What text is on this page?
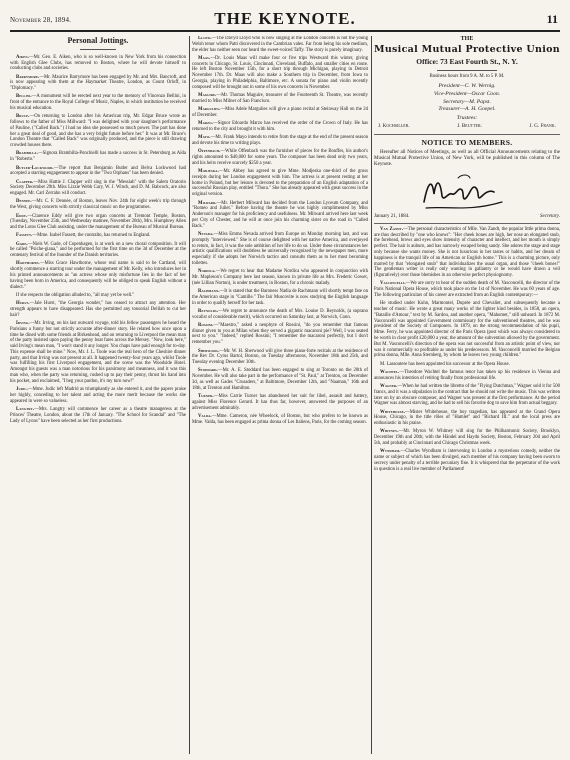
November 28, 1894.	THE KEYNOTE.	11
Personal Jottings.

Aiken.—Mr. Geo. E. Aiken, who is so well-known in New York from his connection with English Glee Clubs, has removed to Boston, where he will devote himself to conducting clubs and societies.

Barrymore.—Mr. Maurice Barrymore has been engaged by Mr. and Mrs. Bancroft, and is now appearing with them at the Haymarket Theatre, London, as Count Orloff, in "Diplomacy."

Bellini.—A monument will be erected next year to the memory of Vincenzo Bellini, in front of the entrance to the Royal College of Music, Naples, in which institution he received his musical education.

Bruce.—On returning to London after his American trip, Mr. Edgar Bruce wrote as follows to the father of Miss Millward: "I was delighted with your daughter's performance of Pauline, ("Called Back.") I had no idea she possessed so much power. The part has done her a great deal of good, and she has a very bright future before her." It was at Mr. Bruce's London Theatre that "Called Back" was originally produced, and the piece is still drawing crowded houses there.

Brambilla.—Signora Brambilla-Ponchielli has made a success in St. Petersburg as Aïda in "Roberto."

Butler-Lockwood.—The report that Benjamin Butler and Belva Lockwood had accepted a starring engagement to appear in the "Two Orphans" has been denied.

Clapper.—Miss Hattie J. Clapper will sing in the "Messiah" with the Salem Oratorio Society December 29th. Miss Lizzie Webb Cary, W. J. Winch, and D. M. Babcock, are also engaged. Mr. Carl Zerrahn will conduct.

Dennee.—Mr. C. F. Dennée, of Boston, leaves Nov. 24th for eight week's trip through the West, giving concerts with strictly classical music on the programmes.

Eddy.—Clarence Eddy will give two organ concerts at Tremont Temple, Boston, (Tuesday, November 25th, and Wednesday matinee, November 26th), Mrs. Humphrey Allen and the Lotos Glee Club assisting, under the management of the Bureau of Musical Bureau.

Fassett.—Mme. Isabel Fassett, the contralto, has returned to England.

Gade.—Niels W. Gade, of Copenhagen, is at work on a new choral composition. It will be called "Psiche-giana," and be performed for the first time on the 3d of December at the centenary festival of the founder of the Danish territories.

Hawthorne.—Miss Grace Hawthorne, whose real name is said to be Cartland, will shortly commence a starring tour under the management of Mr. Kelly, who introduces her in his printed announcements as "an actress whose only misfortune lies in the fact of her having been born in America, and consequently will be obliged to speak English without a dialect."

If she respects the obligation alluded to, "all may yet be well."

Hurst.—Jale Hurst, "the Georgia wonder," has ceased to attract any attention. Her strength appears to have disappeared. Has she permitted any tonsorial Delilah to cut her hair?

Irving.—Mr. Irving, on his last outward voyage, told his fellow passengers he heard the Parisians a funny but not strictly accurate after-dinner story. He related how once upon a time he dined with some friends at Birkenhead, and on returning to Liverpool the mean man of the party insisted upon paying the penny boat fares across the Mersey. "Now, look here," said Irving's mean man, "I won't stand it any longer. You chaps have paid enough for to-day. This expense shall be mine." Now, Mr. J. L. Toole was the real hero of the Cheshire dinner party, and that Irving was not present at all. It happened twenty-four years ago, whilst Toole was fulfilling his first Liverpool engagement, and the scene was the Woodside Hotel. Amongst his guests was a man notorious for his parsimony and meanness, and it was this man who, when the party was returning, rushed up to pay their penny, thrust his hand into his pocket, and exclaimed, "I beg your pardon, it's my turn now!"

Judic.—Mme. Judic left Madrid as triumphantly as she entered it, and the papers praise her highly, conceding to her talent and acting the more merit because the works she appeared in were so valueless.

Langtry.—Mrs. Langtry will commence her career as a theatre manageress at the Princes' Theatre, London, about the 17th of January. "The School for Scandal" and "The Lady of Lyons" have been selected as her first productions.

Lloyd.—The Davyd Lloyd who is now singing at the London concerts is not the young Welsh tenor whom Patti discovered in the Cambrian vales. Far from being his sole medium, the elder has neither seen nor heard the sweet-voiced Taffy. The story is purely imaginary.

Maas.—Dr. Louis Maas will make four or five trips Westward this winter, giving concerts in Chicago, St. Louis, Cincinnati, Cleveland, Buffalo, and smaller cities en route. He left Boston November 15th, for a short trip through Michigan, playing in Detroit November 17th. Dr. Maas will also make a Southern trip in December, from Iowa to Georgia, playing in Philadelphia, Baltimore, etc. A sonata for piano and violin recently composed will be brought out in some of his own concerts in November.

Maguire.—Mr. Thomas Maguire, treasurer of the Fourteenth St. Theatre, was recently married to Miss Milner of San Francisco.

Margulies.—Miss Adele Margulies will give a piano recital at Steinway Hall on the 2d of December.

Marzo.—Signor Edoardo Marzo has received the order of the Crown of Italy. He has returned to the city and brought it with him.

Mayo.—Mr. Frank Mayo intends to retire from the stage at the end of the present season and devote his time to writing plays.

Offenbach.—While Offenbach was the furnisher of pieces for the Bouffes, his author's rights amounted to $40,000 for some years. The composer has been dead only two years, and his heirs receive scarcely $250 a year.

Modjeska.—Mr. Abbey has agreed to give Mme. Modjeska one-third of the gross receipts during her London engagement with him. The actress is at present resting at her home in Poland, but her leisure is devoted to the preparation of an English adaptation of a successful Russian play, entitled "Thora." She has already appeared with great success in the original version.

Milward.—Mr. Herbert Milward has decided from the London Lyceum Company, and "Romeo and Juliet." Before having the theatre he was highly complimented by Miss Anderson's manager for his proficiency and usefulness. Mr. Milward arrived here last week per City of Chester, and he will at once join his charming sister on the road in "Called Back."

Nevada.—Miss Emma Nevada arrived from Europe on Monday morning last, and was promptly "interviewed." She is of course delighted with her native America, and overjoyed to return, in fact, it was the sole ambition of her life to do so. Under these circumstances her artistic qualifications will doubtless be universally recognized by the newspaper men, more especially if she adopts her Norwich tactics and consults them as to her most becoming toilettes.

Nordica.—We regret to hear that Madame Nordica who appeared in conjunction with Mr. Mapleson's Company here last season, known in private life as Mrs. Frederic Gower, (née Lillian Norton), is under treatment, in Boston, for a chronic malady.

Rachmann.—It is stated that the Baroness Nadia de Rachmann will shortly tempt fate on the American stage in "Camille." The fair Muscovite is now studying the English language in order to qualify herself for her task.

Reynolds.—We regret to announce the death of Mrs. Louise D. Reynolds, (a soprano vocalist of considerable merit), which occurred on Saturday last, at Norwich, Conn.

Rossini.—"Maestro," asked a neophyte of Rossini, "do you remember that famous dinner given to you at Milan when they served a gigantic macaroni pie? Well, I was seated next to you." "Indeed," replied Rossini; "I remember the macaroni perfectly, but I don't remember you."

Sherwood.—Mr. W. H. Sherwood will give three piano-forte recitals at the residence of the Rev Dr. Cyrus Bartol, Boston, on Tuesday afternoons, November 18th and 25th, and Tuesday evening December 30th.

Stoddard.—Mr. A. E. Stoddard has been engaged to sing at Toronto on the 20th of November. He will also take part in the performance of "St. Paul," at Trenton, on December 3d, as well as Gades "Crusaders," at Baltimore, December 12th, and "Naaman," 16th and 18th, at Trenton and Hamilton.

Turner.—Miss Carrie Turner has abandoned her suit for libel, assault and battery, against Miss Florence Gerard. It has thus far, however, answered the purposes of an advertisement admirably.

Valda.—Mme. Cameron, née Wheelock, of Boston, but who prefers to be known as Mme. Valda, has been engaged as prima donna of Les Italiens, Paris, for the coming season.

THE
Musical Mutual Protective Union
Office: 73 East Fourth St., N. Y.
Business hours from 9 A. M. to 5 P. M.
President—C. W. Wernig.
Vice-President—Oscar Coon.
Secretary—M. Papst.
Treasurer—A. H. Goepel.
Trustees:
J. Kochsiller.	J. Beutter.	J. G. Frank.
NOTICE TO MEMBERS.

Hereafter all Notices of Meetings, as well as all Official Announcements relating to the Musical Mutual Protective Union, of New York, will be published in this column of The Keynote.

January 21, 1884.	Secretary.

Van Zandt.—The personal characteristics of Mlle. Van Zandt, the popular little prima donna, are thus described by "one who knows": "Her cheek bones are high, her nose an elongated snub, the forehead, brows and eyes show intensity of character and intellect, and her mouth is simply perfect. The hair is auburn, and has narrowly escaped being sandy. She adores the stage and stage only because she wants money. She is not luxurious in her tastes or habits, and her dream of happiness is the tranquil life of an American or English home." This is a charming picture, only marred by that "elongated snub" that individualizes the usual organ, and those "cheek bones!" The gentleman writer is really only wanting in gallantry or he would have drawn a veil (figuratively) over those blemishes in an otherwise perfect physiognomy.

Vasconcelli.—We are sorry to hear of the sudden death of M. Vasconcelli, the director of the Paris National Opera House, which took place on the 1st of November. He was 60 years of age. The following particulars of his career are extracted from an English contemporary:—

He studied under Kuhn, Marmontel, Duprée and Chevaliet, and subsequently became a teacher of music. He wrote a great many works of the lighter kind besides, in 1858, an opera, "Bataille d'Amour," text by M. Sardou, and another opera, "Mahomet," still unheard. In 1872 M. Vasconcelli was appointed Government commissary for the subventioned theatres, and he was president of the Society of Composers. In 1879, on the strong recommendation of his pupil, Mme. Ferry, he was appointed director of the Paris Opera (post which was always considered to be worth in clear profit £20,000 a year, the amount of the subvention allowed by the government. But M. Vasconcelli's direction of the opera was not successful from an artistic point of view, nor was it commercially so profitable as under his predecessors. M. Vasconcelli married the Belgian prima donna, Mlle. Anna Sternberg, by whom he leaves two young children."

M. Lassoutere has been appointed his successor at the Opera House.

Wachtel.—Theodore Wachtel the famous tenor has taken up his residence in Vienna and announces his intention of retiring finally from professional life.

Wagner.—When he had written the libretto of the "Flying Dutchman," Wagner sold it for 500 francs, and it was a stipulation in the contract that he should not write the music. This was written later on by an obscure composer, and Wagner was present at the first performance. At the period Wagner was almost starving, and he had to sell his favorite dog to save him from actual beggary.

Whitehouse.—Mister Whitehouse, the boy tragedian, has appeared at the Grand Opera House, Chicago, in the title rôles of "Hamlet" and "Richard III." and the local press are enthusiastic in his praise.

Whitney.—Mr. Myron W. Whitney will sing for the Philharmonic Society, Brooklyn, December 19th and 20th; with the Händel and Haydn Society, Boston, February 20d and April 5th, and probably at Cincinnati and Chicago Christmas week.

Wyndham.—Charles Wyndham is intervening in London a mysterious comedy, neither the name or subject of which has been divulged, each member of his company having been sworn to secrecy under penalty of a terrible pecuniary fine. It is whispered that the perpetrator of the work in question is a real live member of Parliament!
